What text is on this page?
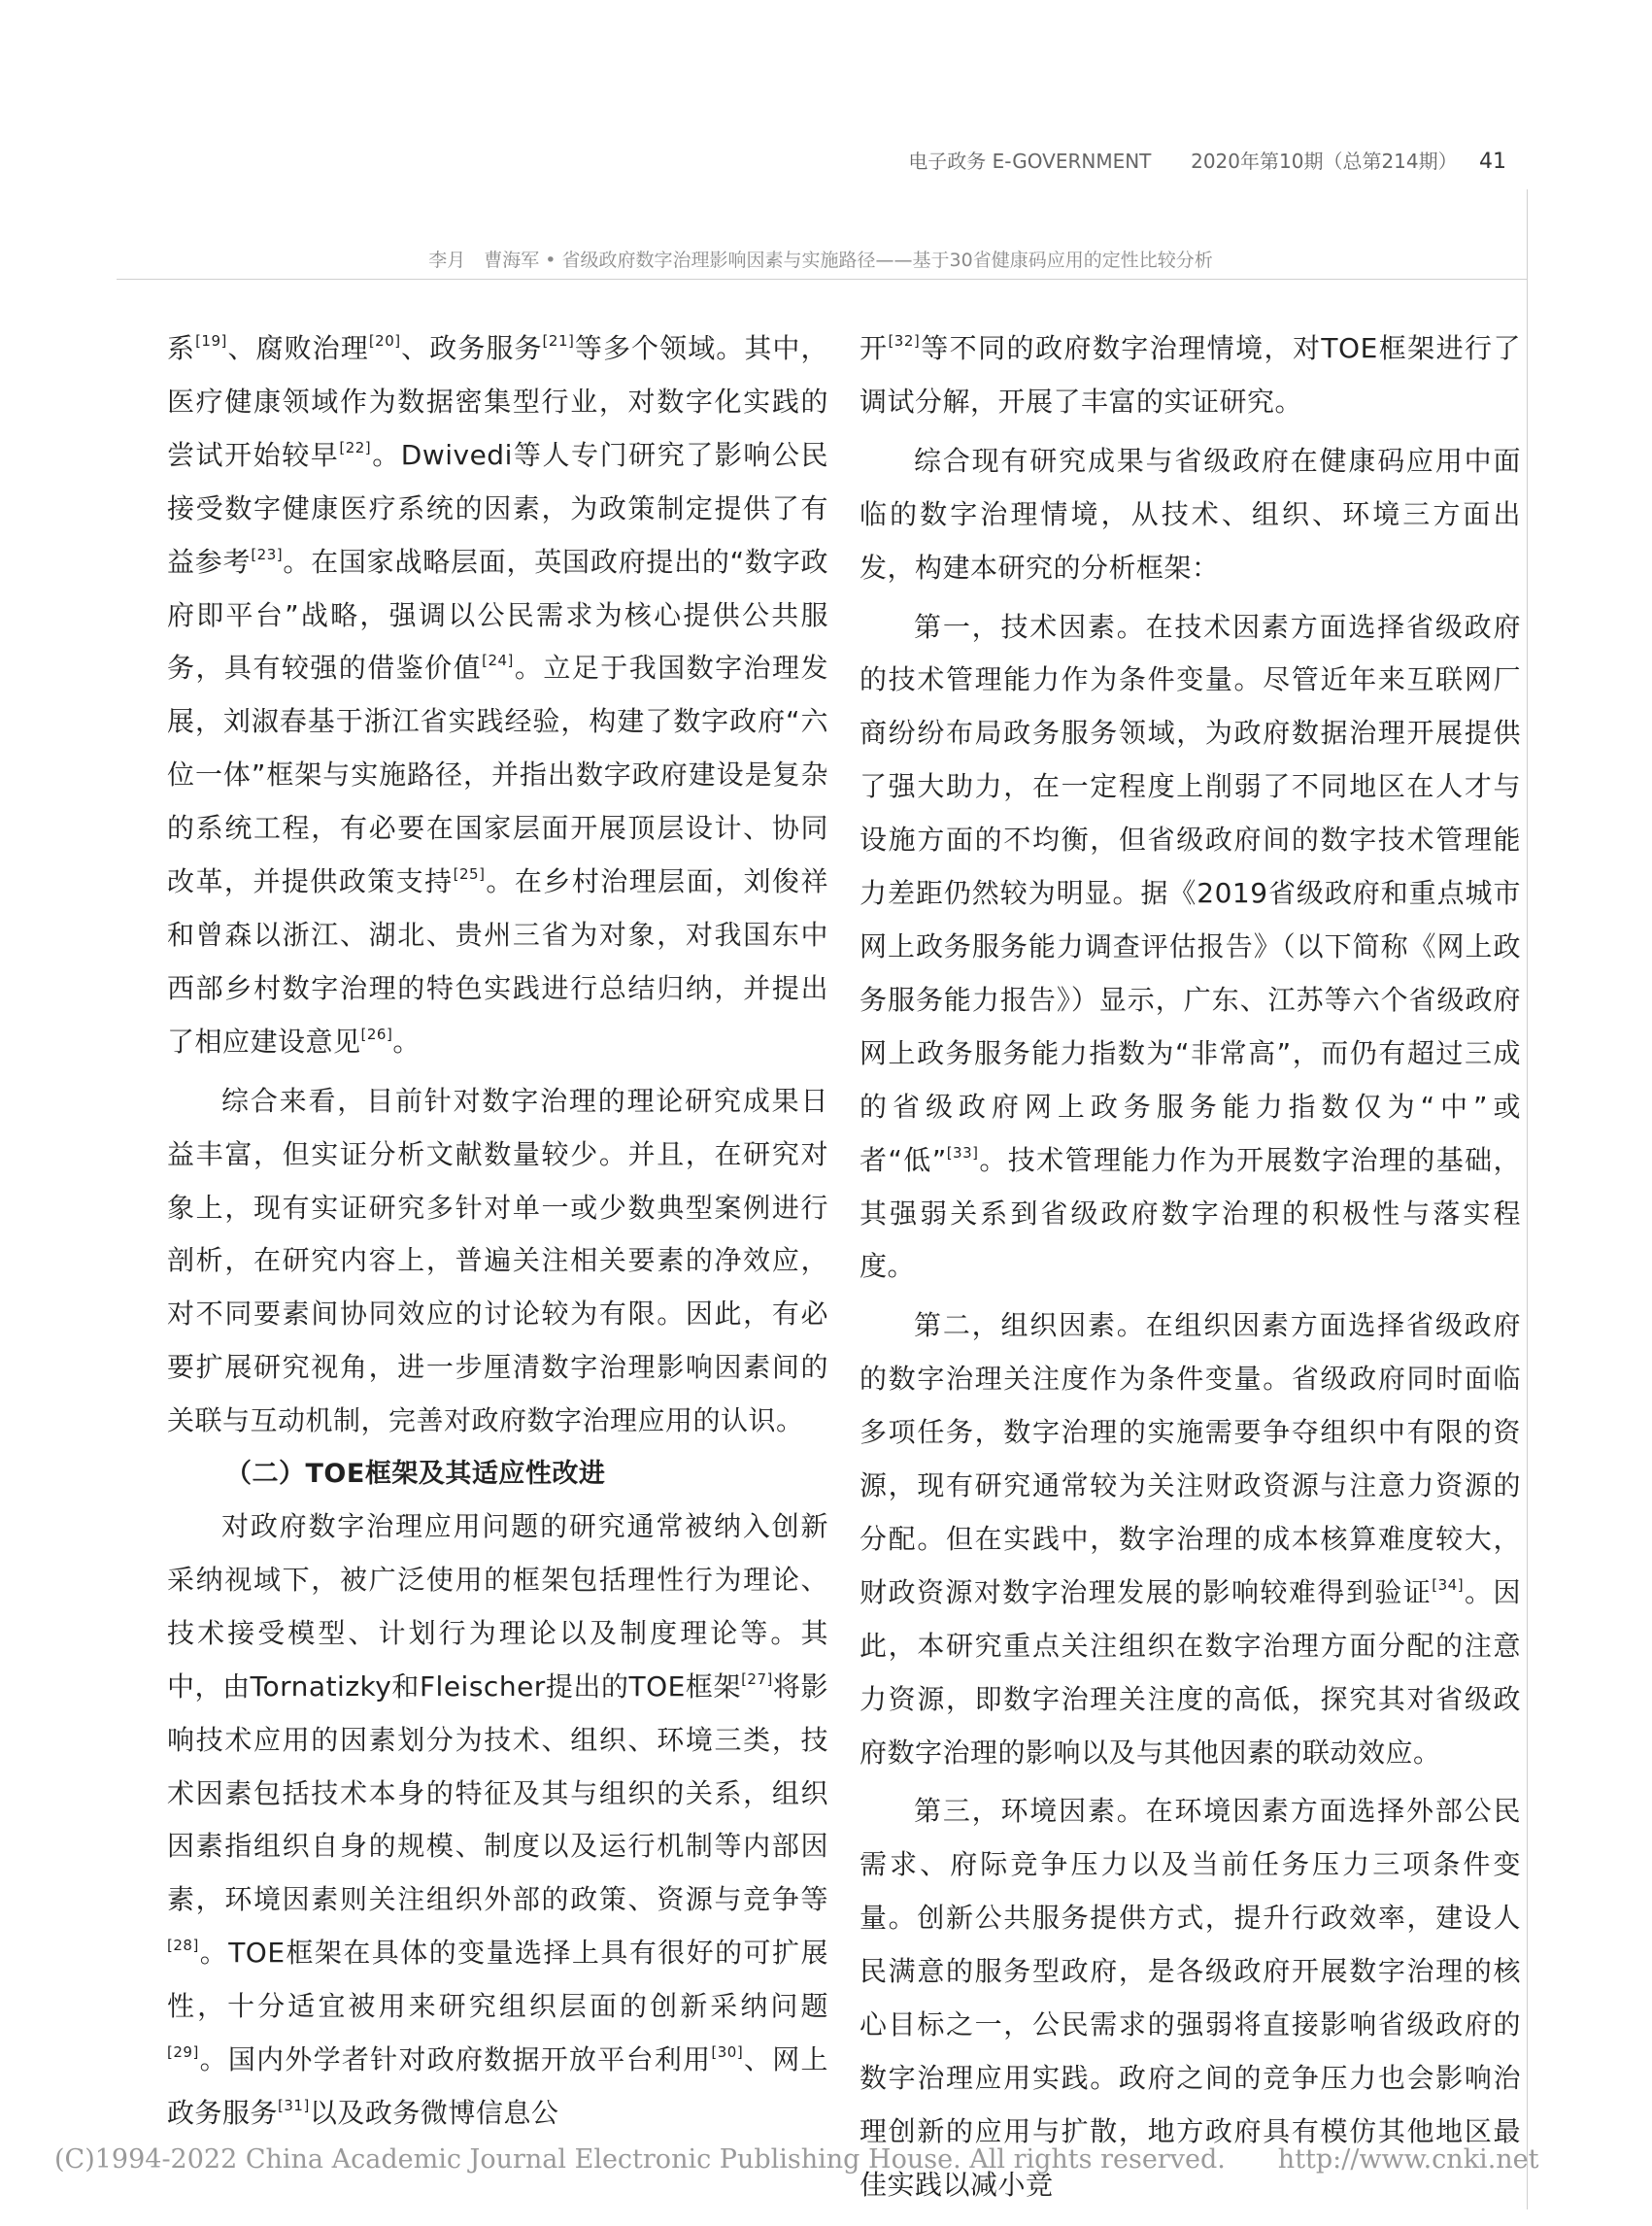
电子政务 E-GOVERNMENT 2020年第10期（总第214期） 41
李月　曹海军 • 省级政府数字治理影响因素与实施路径——基于30省健康码应用的定性比较分析

系[19]、腐败治理[20]、政务服务[21]等多个领域。其中，医疗健康领域作为数据密集型行业，对数字化实践的尝试开始较早[22]。Dwivedi等人专门研究了影响公民接受数字健康医疗系统的因素，为政策制定提供了有益参考[23]。在国家战略层面，英国政府提出的“数字政府即平台”战略，强调以公民需求为核心提供公共服务，具有较强的借鉴价值[24]。立足于我国数字治理发展，刘淑春基于浙江省实践经验，构建了数字政府“六位一体”框架与实施路径，并指出数字政府建设是复杂的系统工程，有必要在国家层面开展顶层设计、协同改革，并提供政策支持[25]。在乡村治理层面，刘俊祥和曾森以浙江、湖北、贵州三省为对象，对我国东中西部乡村数字治理的特色实践进行总结归纳，并提出了相应建设意见[26]。

综合来看，目前针对数字治理的理论研究成果日益丰富，但实证分析文献数量较少。并且，在研究对象上，现有实证研究多针对单一或少数典型案例进行剖析，在研究内容上，普遍关注相关要素的净效应，对不同要素间协同效应的讨论较为有限。因此，有必要扩展研究视角，进一步厘清数字治理影响因素间的关联与互动机制，完善对政府数字治理应用的认识。

（二）TOE框架及其适应性改进

对政府数字治理应用问题的研究通常被纳入创新采纳视域下，被广泛使用的框架包括理性行为理论、技术接受模型、计划行为理论以及制度理论等。其中，由Tornatizky和Fleischer提出的TOE框架[27]将影响技术应用的因素划分为技术、组织、环境三类，技术因素包括技术本身的特征及其与组织的关系，组织因素指组织自身的规模、制度以及运行机制等内部因素，环境因素则关注组织外部的政策、资源与竞争等[28]。TOE框架在具体的变量选择上具有很好的可扩展性，十分适宜被用来研究组织层面的创新采纳问题[29]。国内外学者针对政府数据开放平台利用[30]、网上政务服务[31]以及政务微博信息公

开[32]等不同的政府数字治理情境，对TOE框架进行了调试分解，开展了丰富的实证研究。

综合现有研究成果与省级政府在健康码应用中面临的数字治理情境，从技术、组织、环境三方面出发，构建本研究的分析框架：

第一，技术因素。在技术因素方面选择省级政府的技术管理能力作为条件变量。尽管近年来互联网厂商纷纷布局政务服务领域，为政府数据治理开展提供了强大助力，在一定程度上削弱了不同地区在人才与设施方面的不均衡，但省级政府间的数字技术管理能力差距仍然较为明显。据《2019省级政府和重点城市网上政务服务能力调查评估报告》（以下简称《网上政务服务能力报告》）显示，广东、江苏等六个省级政府网上政务服务能力指数为“非常高”，而仍有超过三成的省级政府网上政务服务能力指数仅为“中”或者“低”[33]。技术管理能力作为开展数字治理的基础，其强弱关系到省级政府数字治理的积极性与落实程度。

第二，组织因素。在组织因素方面选择省级政府的数字治理关注度作为条件变量。省级政府同时面临多项任务，数字治理的实施需要争夺组织中有限的资源，现有研究通常较为关注财政资源与注意力资源的分配。但在实践中，数字治理的成本核算难度较大，财政资源对数字治理发展的影响较难得到验证[34]。因此，本研究重点关注组织在数字治理方面分配的注意力资源，即数字治理关注度的高低，探究其对省级政府数字治理的影响以及与其他因素的联动效应。

第三，环境因素。在环境因素方面选择外部公民需求、府际竞争压力以及当前任务压力三项条件变量。创新公共服务提供方式，提升行政效率，建设人民满意的服务型政府，是各级政府开展数字治理的核心目标之一，公民需求的强弱将直接影响省级政府的数字治理应用实践。政府之间的竞争压力也会影响治理创新的应用与扩散，地方政府具有模仿其他地区最佳实践以减小竞

(C)1994-2022 China Academic Journal Electronic Publishing House. All rights reserved.　　http://www.cnki.net
